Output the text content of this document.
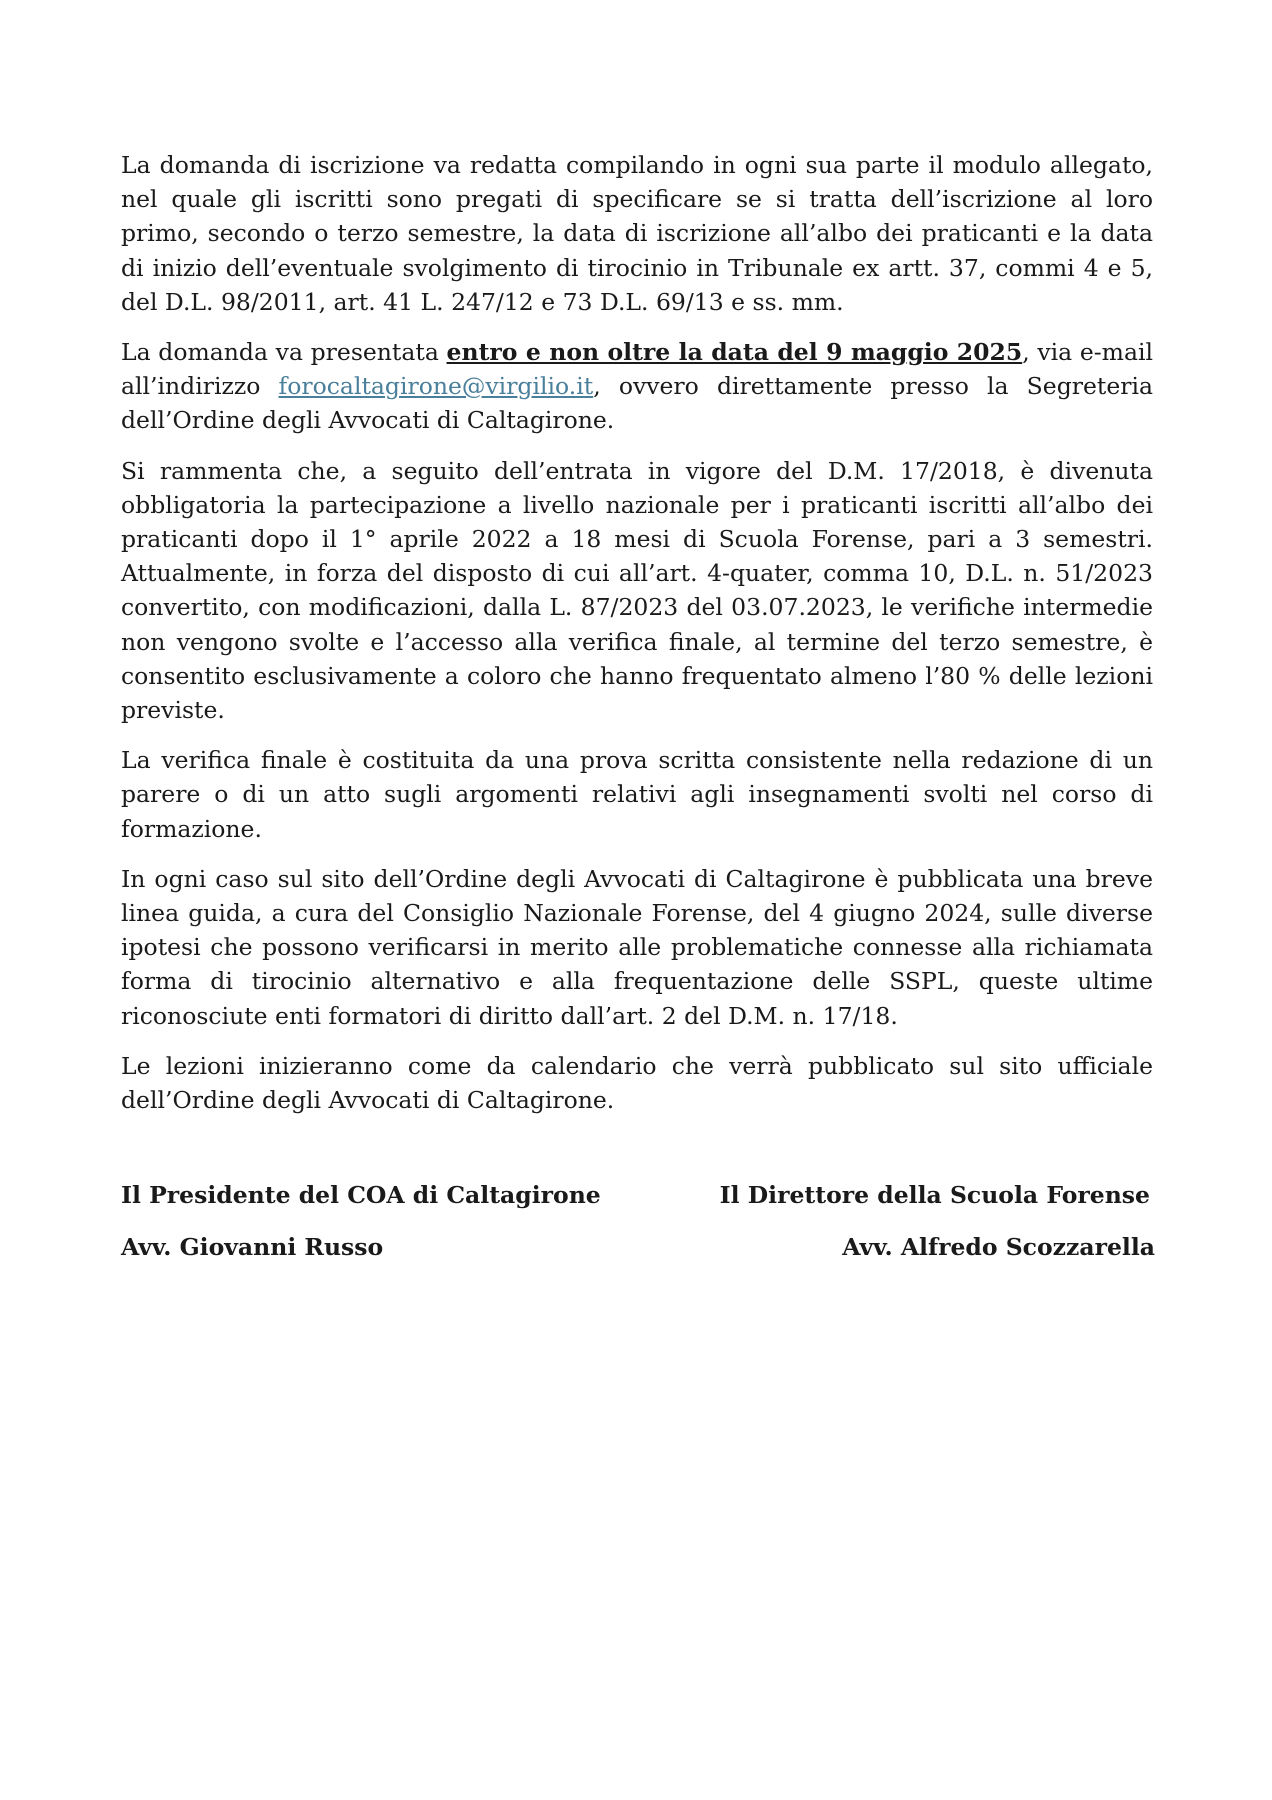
La domanda di iscrizione va redatta compilando in ogni sua parte il modulo allegato, nel quale gli iscritti sono pregati di specificare se si tratta dell’iscrizione al loro primo, secondo o terzo semestre, la data di iscrizione all’albo dei praticanti e la data di inizio dell’eventuale svolgimento di tirocinio in Tribunale ex artt. 37, commi 4 e 5, del D.L. 98/2011, art. 41 L. 247/12 e 73 D.L. 69/13 e ss. mm.

La domanda va presentata entro e non oltre la data del 9 maggio 2025, via e-mail all’indirizzo forocaltagirone@virgilio.it, ovvero direttamente presso la Segreteria dell’Ordine degli Avvocati di Caltagirone.

Si rammenta che, a seguito dell’entrata in vigore del D.M. 17/2018, è divenuta obbligatoria la partecipazione a livello nazionale per i praticanti iscritti all’albo dei praticanti dopo il 1° aprile 2022 a 18 mesi di Scuola Forense, pari a 3 semestri. Attualmente, in forza del disposto di cui all’art. 4-quater, comma 10, D.L. n. 51/2023 convertito, con modificazioni, dalla L. 87/2023 del 03.07.2023, le verifiche intermedie non vengono svolte e l’accesso alla verifica finale, al termine del terzo semestre, è consentito esclusivamente a coloro che hanno frequentato almeno l’80 % delle lezioni previste.

La verifica finale è costituita da una prova scritta consistente nella redazione di un parere o di un atto sugli argomenti relativi agli insegnamenti svolti nel corso di formazione.

In ogni caso sul sito dell’Ordine degli Avvocati di Caltagirone è pubblicata una breve linea guida, a cura del Consiglio Nazionale Forense, del 4 giugno 2024, sulle diverse ipotesi che possono verificarsi in merito alle problematiche connesse alla richiamata forma di tirocinio alternativo e alla frequentazione delle SSPL, queste ultime riconosciute enti formatori di diritto dall’art. 2 del D.M. n. 17/18.

Le lezioni inizieranno come da calendario che verrà pubblicato sul sito ufficiale dell’Ordine degli Avvocati di Caltagirone.

Il Presidente del COA di Caltagirone	Il Direttore della Scuola Forense
Avv. Giovanni Russo	Avv. Alfredo Scozzarella
